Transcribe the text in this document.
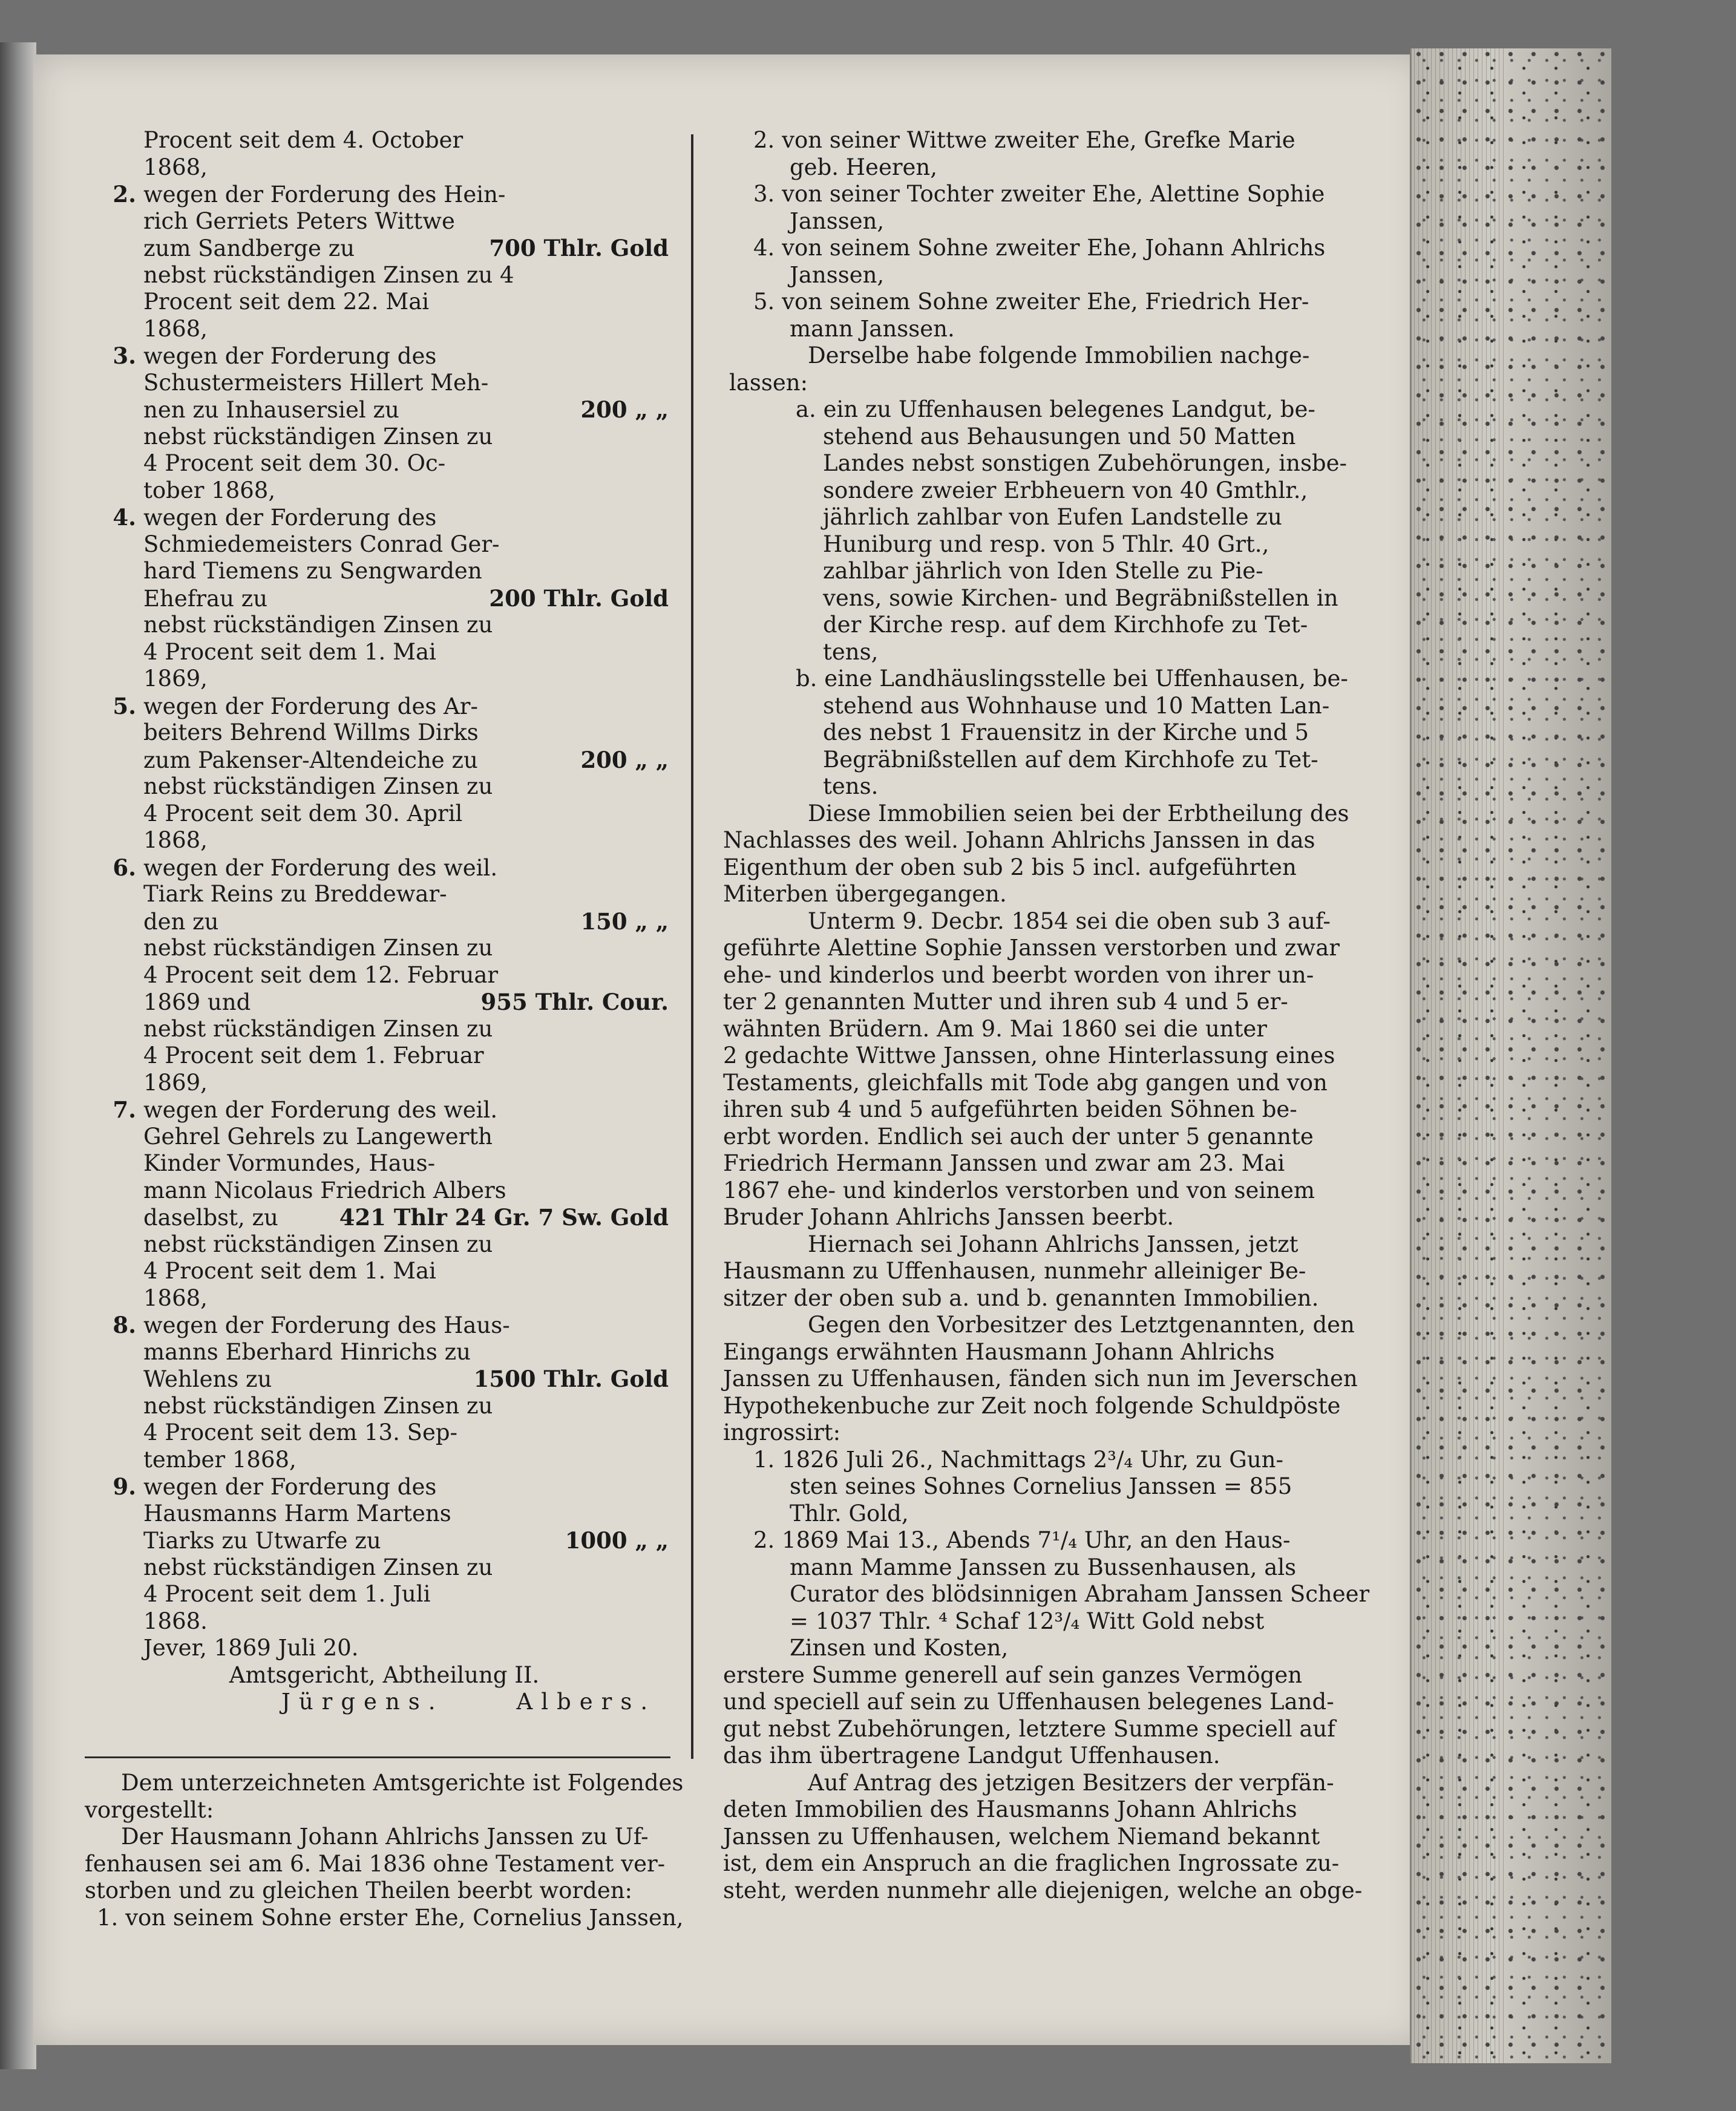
Procent seit dem 4. October
1868,
2. wegen der Forderung des Hein-
rich Gerriets Peters Wittwe
zum Sandberge zu	700 Thlr. Gold
nebst rückständigen Zinsen zu 4
Procent seit dem 22. Mai
1868,
3. wegen der Forderung des
Schustermeisters Hillert Meh-
nen zu Inhausersiel zu	200 „ „
nebst rückständigen Zinsen zu
4 Procent seit dem 30. Oc-
tober 1868,
4. wegen der Forderung des
Schmiedemeisters Conrad Ger-
hard Tiemens zu Sengwarden
Ehefrau zu	200 Thlr. Gold
nebst rückständigen Zinsen zu
4 Procent seit dem 1. Mai
1869,
5. wegen der Forderung des Ar-
beiters Behrend Willms Dirks
zum Pakenser-Altendeiche zu	200 „ „
nebst rückständigen Zinsen zu
4 Procent seit dem 30. April
1868,
6. wegen der Forderung des weil.
Tiark Reins zu Breddewar-
den zu	150 „ „
nebst rückständigen Zinsen zu
4 Procent seit dem 12. Februar
1869 und	955 Thlr. Cour.
nebst rückständigen Zinsen zu
4 Procent seit dem 1. Februar
1869,
7. wegen der Forderung des weil.
Gehrel Gehrels zu Langewerth
Kinder Vormundes, Haus-
mann Nicolaus Friedrich Albers
daselbst, zu	421 Thlr 24 Gr. 7 Sw. Gold
nebst rückständigen Zinsen zu
4 Procent seit dem 1. Mai
1868,
8. wegen der Forderung des Haus-
manns Eberhard Hinrichs zu
Wehlens zu	1500 Thlr. Gold
nebst rückständigen Zinsen zu
4 Procent seit dem 13. Sep-
tember 1868,
9. wegen der Forderung des
Hausmanns Harm Martens
Tiarks zu Utwarfe zu	1000 „ „
nebst rückständigen Zinsen zu
4 Procent seit dem 1. Juli
1868.
Jever, 1869 Juli 20.
Amtsgericht, Abtheilung II.
Jürgens.	Albers.
Dem unterzeichneten Amtsgerichte ist Folgendes
vorgestellt:
Der Hausmann Johann Ahlrichs Janssen zu Uf-
fenhausen sei am 6. Mai 1836 ohne Testament ver-
storben und zu gleichen Theilen beerbt worden:
1. von seinem Sohne erster Ehe, Cornelius Janssen,
2. von seiner Wittwe zweiter Ehe, Grefke Marie
geb. Heeren,
3. von seiner Tochter zweiter Ehe, Alettine Sophie
Janssen,
4. von seinem Sohne zweiter Ehe, Johann Ahlrichs
Janssen,
5. von seinem Sohne zweiter Ehe, Friedrich Her-
mann Janssen.
Derselbe habe folgende Immobilien nachge-
lassen:
a. ein zu Uffenhausen belegenes Landgut, be-
stehend aus Behausungen und 50 Matten
Landes nebst sonstigen Zubehörungen, insbe-
sondere zweier Erbheuern von 40 Gmthlr.,
jährlich zahlbar von Eufen Landstelle zu
Huniburg und resp. von 5 Thlr. 40 Grt.,
zahlbar jährlich von Iden Stelle zu Pie-
vens, sowie Kirchen- und Begräbnißstellen in
der Kirche resp. auf dem Kirchhofe zu Tet-
tens,
b. eine Landhäuslingsstelle bei Uffenhausen, be-
stehend aus Wohnhause und 10 Matten Lan-
des nebst 1 Frauensitz in der Kirche und 5
Begräbnißstellen auf dem Kirchhofe zu Tet-
tens.
Diese Immobilien seien bei der Erbtheilung des
Nachlasses des weil. Johann Ahlrichs Janssen in das
Eigenthum der oben sub 2 bis 5 incl. aufgeführten
Miterben übergegangen.
Unterm 9. Decbr. 1854 sei die oben sub 3 auf-
geführte Alettine Sophie Janssen verstorben und zwar
ehe- und kinderlos und beerbt worden von ihrer un-
ter 2 genannten Mutter und ihren sub 4 und 5 er-
wähnten Brüdern. Am 9. Mai 1860 sei die unter
2 gedachte Wittwe Janssen, ohne Hinterlassung eines
Testaments, gleichfalls mit Tode abg gangen und von
ihren sub 4 und 5 aufgeführten beiden Söhnen be-
erbt worden. Endlich sei auch der unter 5 genannte
Friedrich Hermann Janssen und zwar am 23. Mai
1867 ehe- und kinderlos verstorben und von seinem
Bruder Johann Ahlrichs Janssen beerbt.
Hiernach sei Johann Ahlrichs Janssen, jetzt
Hausmann zu Uffenhausen, nunmehr alleiniger Be-
sitzer der oben sub a. und b. genannten Immobilien.
Gegen den Vorbesitzer des Letztgenannten, den
Eingangs erwähnten Hausmann Johann Ahlrichs
Janssen zu Uffenhausen, fänden sich nun im Jeverschen
Hypothekenbuche zur Zeit noch folgende Schuldpöste
ingrossirt:
1. 1826 Juli 26., Nachmittags 2³/₄ Uhr, zu Gun-
sten seines Sohnes Cornelius Janssen = 855
Thlr. Gold,
2. 1869 Mai 13., Abends 7¹/₄ Uhr, an den Haus-
mann Mamme Janssen zu Bussenhausen, als
Curator des blödsinnigen Abraham Janssen Scheer
= 1037 Thlr. ⁴ Schaf 12³/₄ Witt Gold nebst
Zinsen und Kosten,
erstere Summe generell auf sein ganzes Vermögen
und speciell auf sein zu Uffenhausen belegenes Land-
gut nebst Zubehörungen, letztere Summe speciell auf
das ihm übertragene Landgut Uffenhausen.
Auf Antrag des jetzigen Besitzers der verpfän-
deten Immobilien des Hausmanns Johann Ahlrichs
Janssen zu Uffenhausen, welchem Niemand bekannt
ist, dem ein Anspruch an die fraglichen Ingrossate zu-
steht, werden nunmehr alle diejenigen, welche an obge-
